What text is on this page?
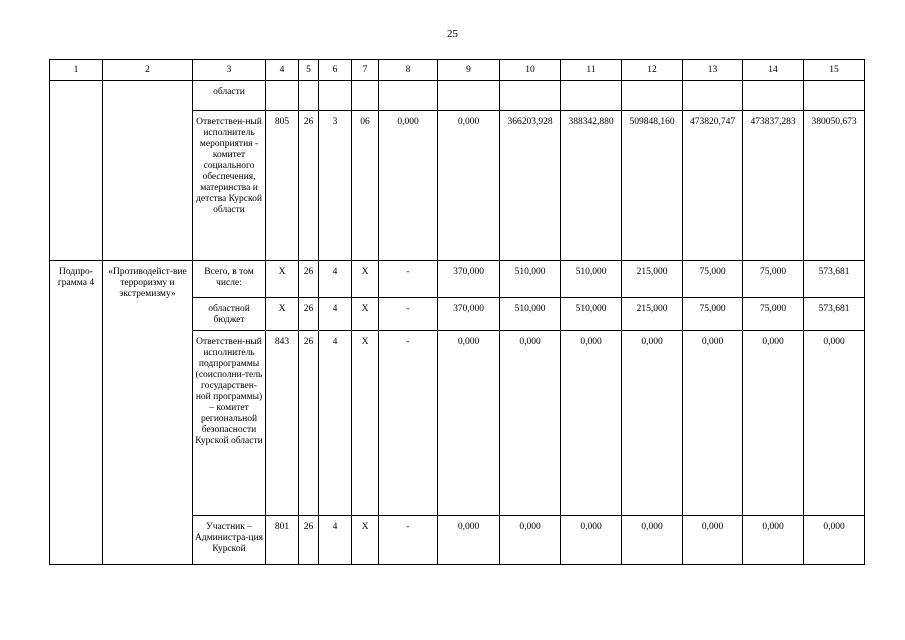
25
1	2	3	4	5	6	7	8	9	10	11	12	13	14	15
		области												
		Ответствен-ный исполнитель мероприятия - комитет социального обеспечения, материнства и детства Курской области	805	26	3	06	0,000	0,000	366203,928	388342,880	509848,160	473820,747	473837,283	380050,673
Подпро-грамма 4	«Противодейст-вие терроризму и экстремизму»	Всего, в том числе:	Х	26	4	Х	-	370,000	510,000	510,000	215,000	75,000	75,000	573,681
		областной бюджет	Х	26	4	Х	-	370,000	510,000	510,000	215,000	75,000	75,000	573,681
		Ответствен-ный исполнитель подпрограммы (соисполни-тель государствен-ной программы) – комитет региональной безопасности Курской области	843	26	4	Х	-	0,000	0,000	0,000	0,000	0,000	0,000	0,000
		Участник – Администра-ция Курской	801	26	4	Х	-	0,000	0,000	0,000	0,000	0,000	0,000	0,000
